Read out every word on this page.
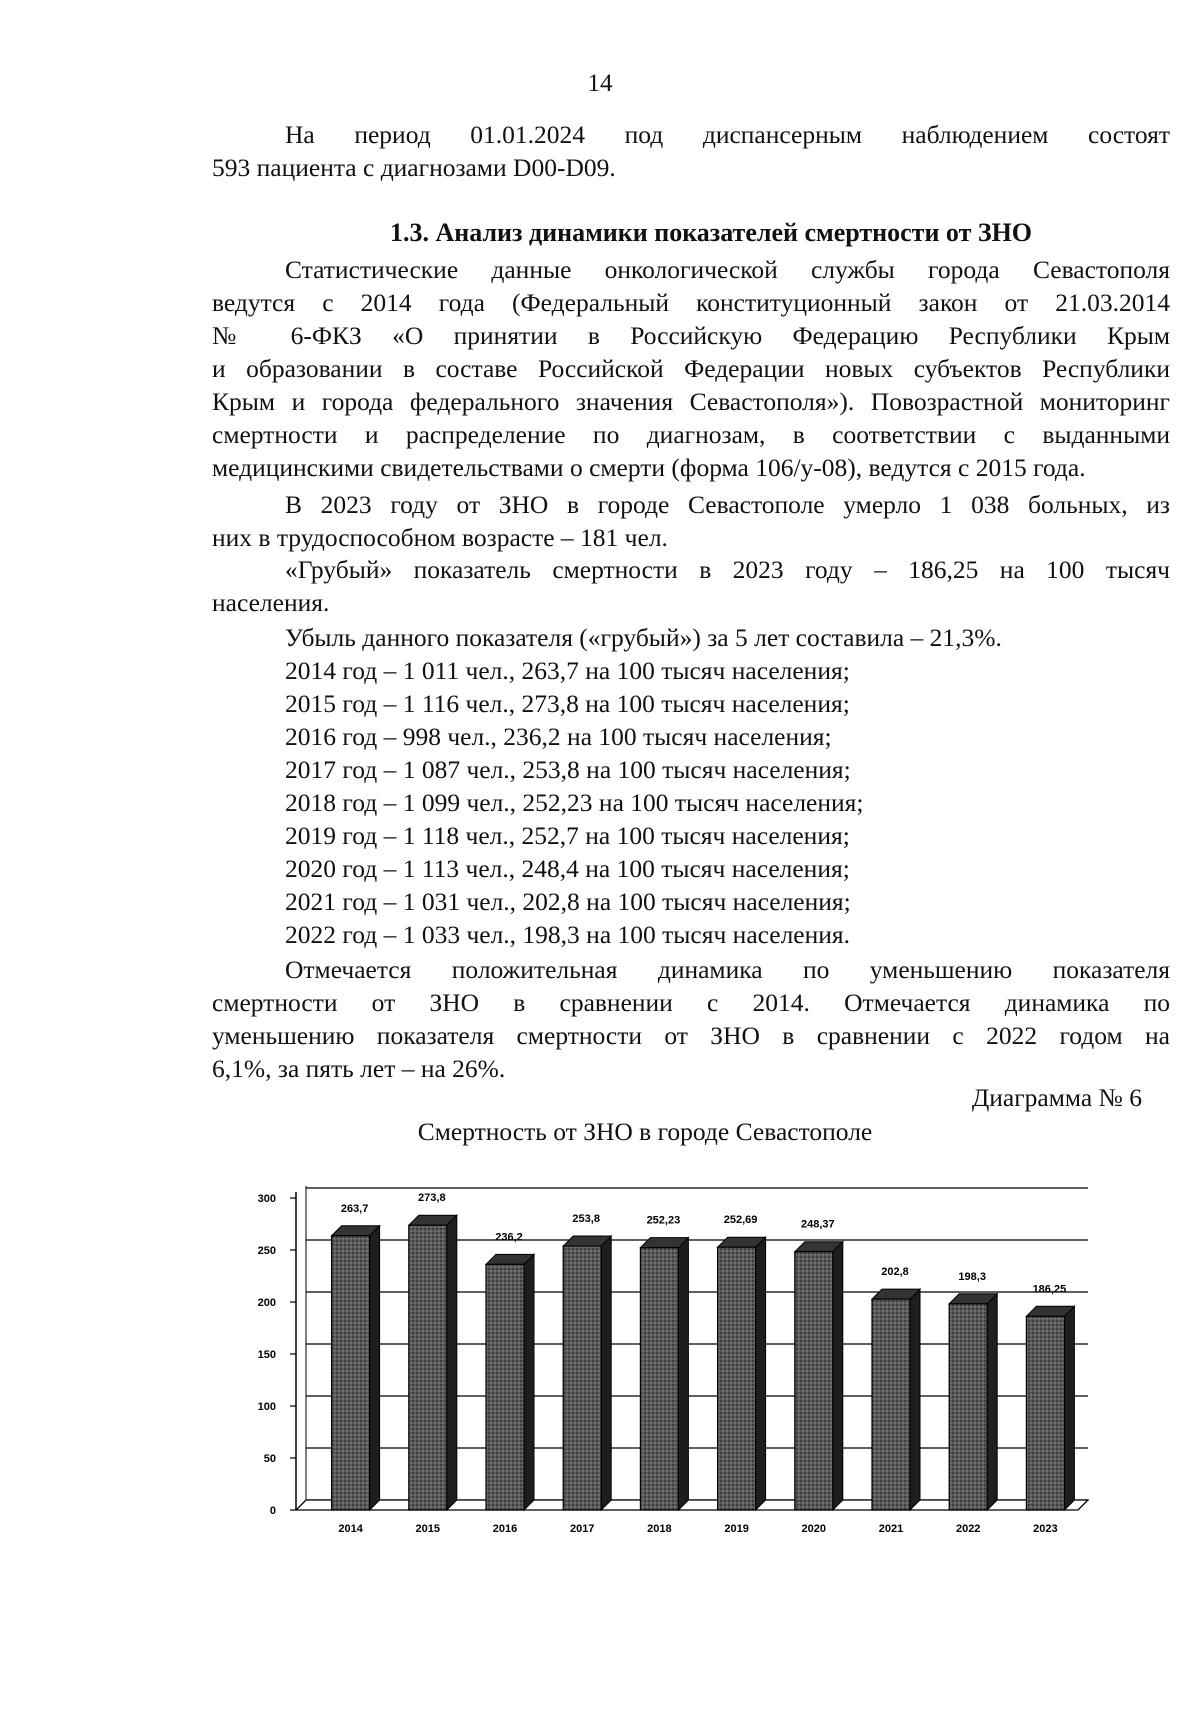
14
На период 01.01.2024 под диспансерным наблюдением состоят
593 пациента с диагнозами D00-D09.
1.3. Анализ динамики показателей смертности от ЗНО
Статистические данные онкологической службы города Севастополя
ведутся с 2014 года (Федеральный конституционный закон от 21.03.2014
№ 6-ФКЗ «О принятии в Российскую Федерацию Республики Крым
и образовании в составе Российской Федерации новых субъектов Республики
Крым и города федерального значения Севастополя»). Повозрастной мониторинг
смертности и распределение по диагнозам, в соответствии с выданными
медицинскими свидетельствами о смерти (форма 106/у-08), ведутся с 2015 года.
В 2023 году от ЗНО в городе Севастополе умерло 1 038 больных, из
них в трудоспособном возрасте – 181 чел.
«Грубый» показатель смертности в 2023 году – 186,25 на 100 тысяч
населения.
Убыль данного показателя («грубый») за 5 лет составила – 21,3%.
2014 год – 1 011 чел., 263,7 на 100 тысяч населения;
2015 год – 1 116 чел., 273,8 на 100 тысяч населения;
2016 год – 998 чел., 236,2 на 100 тысяч населения;
2017 год – 1 087 чел., 253,8 на 100 тысяч населения;
2018 год – 1 099 чел., 252,23 на 100 тысяч населения;
2019 год – 1 118 чел., 252,7 на 100 тысяч населения;
2020 год – 1 113 чел., 248,4 на 100 тысяч населения;
2021 год – 1 031 чел., 202,8 на 100 тысяч населения;
2022 год – 1 033 чел., 198,3 на 100 тысяч населения.
Отмечается положительная динамика по уменьшению показателя
смертности от ЗНО в сравнении с 2014. Отмечается динамика по
уменьшению показателя смертности от ЗНО в сравнении с 2022 годом на
6,1%, за пять лет – на 26%.
Диаграмма № 6
Смертность от ЗНО в городе Севастополе
0
50
100
150
200
250
300
263,7
2014
273,8
2015
236,2
2016
253,8
2017
252,23
2018
252,69
2019
248,37
2020
202,8
2021
198,3
2022
186,25
2023
